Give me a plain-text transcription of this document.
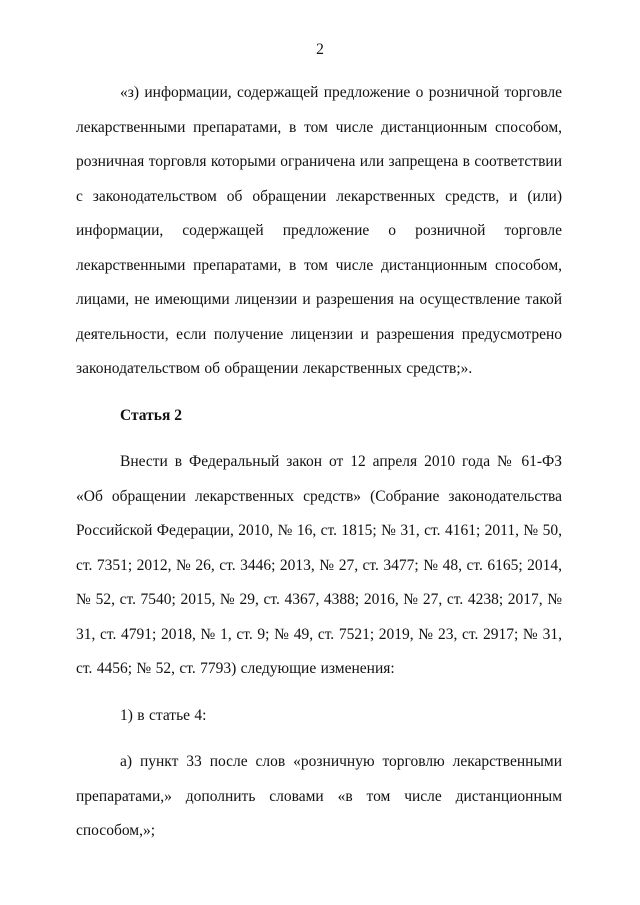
2

«з) информации, содержащей предложение о розничной торговле лекарственными препаратами, в том числе дистанционным способом, розничная торговля которыми ограничена или запрещена в соответствии с законодательством об обращении лекарственных средств, и (или) информации, содержащей предложение о розничной торговле лекарственными препаратами, в том числе дистанционным способом, лицами, не имеющими лицензии и разрешения на осуществление такой деятельности, если получение лицензии и разрешения предусмотрено законодательством об обращении лекарственных средств;».

Статья 2

Внести в Федеральный закон от 12 апреля 2010 года № 61-ФЗ «Об обращении лекарственных средств» (Собрание законодательства Российской Федерации, 2010, № 16, ст. 1815; № 31, ст. 4161; 2011, № 50, ст. 7351; 2012, № 26, ст. 3446; 2013, № 27, ст. 3477; № 48, ст. 6165; 2014, № 52, ст. 7540; 2015, № 29, ст. 4367, 4388; 2016, № 27, ст. 4238; 2017, № 31, ст. 4791; 2018, № 1, ст. 9; № 49, ст. 7521; 2019, № 23, ст. 2917; № 31, ст. 4456; № 52, ст. 7793) следующие изменения:

1) в статье 4:

а) пункт 33 после слов «розничную торговлю лекарственными препаратами,» дополнить словами «в том числе дистанционным способом,»;
